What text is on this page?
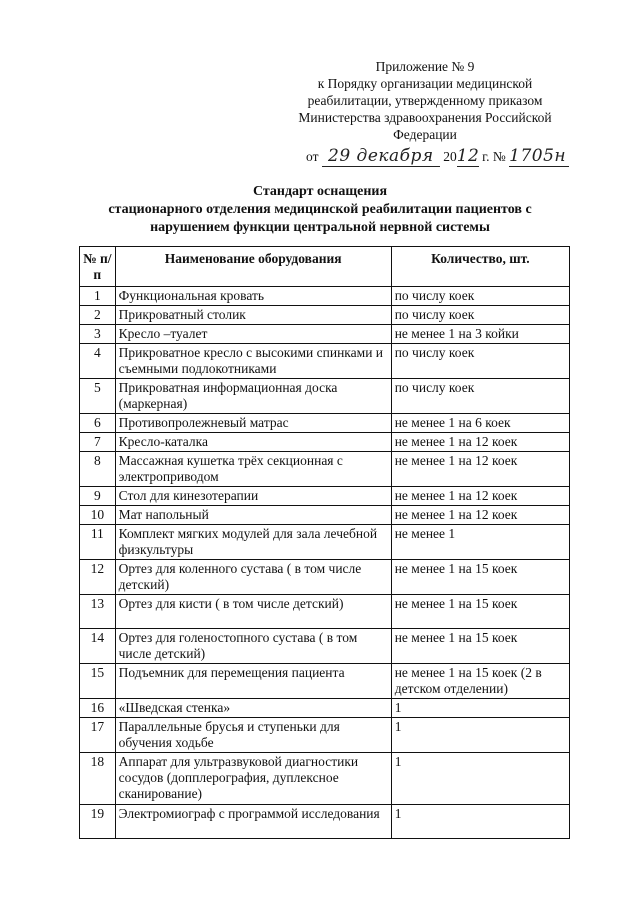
Приложение № 9
к Порядку организации медицинской
реабилитации, утвержденному приказом
Министерства здравоохранения Российской
Федерации
от 29 декабря 2012 г. № 1705н
Стандарт оснащения
стационарного отделения медицинской реабилитации пациентов с
нарушением функции центральной нервной системы
№ п/п	Наименование оборудования	Количество, шт.
1	Функциональная кровать	по числу коек
2	Прикроватный столик	по числу коек
3	Кресло –туалет	не менее 1 на 3 койки
4	Прикроватное кресло с высокими спинками и съемными подлокотниками	по числу коек
5	Прикроватная информационная доска (маркерная)	по числу коек
6	Противопролежневый матрас	не менее 1 на 6 коек
7	Кресло-каталка	не менее 1 на 12 коек
8	Массажная кушетка трёх секционная с электроприводом	не менее 1 на 12 коек
9	Стол для кинезотерапии	не менее 1 на 12 коек
10	Мат напольный	не менее 1 на 12 коек
11	Комплект мягких модулей для зала лечебной физкультуры	не менее 1
12	Ортез для коленного сустава ( в том числе детский)	не менее 1 на 15 коек
13	Ортез для кисти ( в том числе детский)	не менее 1 на 15 коек
14	Ортез для голеностопного сустава ( в том числе детский)	не менее 1 на 15 коек
15	Подъемник для перемещения пациента	не менее 1 на 15 коек (2 в детском отделении)
16	«Шведская стенка»	1
17	Параллельные брусья и ступеньки для обучения ходьбе	1
18	Аппарат для ультразвуковой диагностики сосудов (допплерография, дуплексное сканирование)	1
19	Электромиограф с программой исследования	1
